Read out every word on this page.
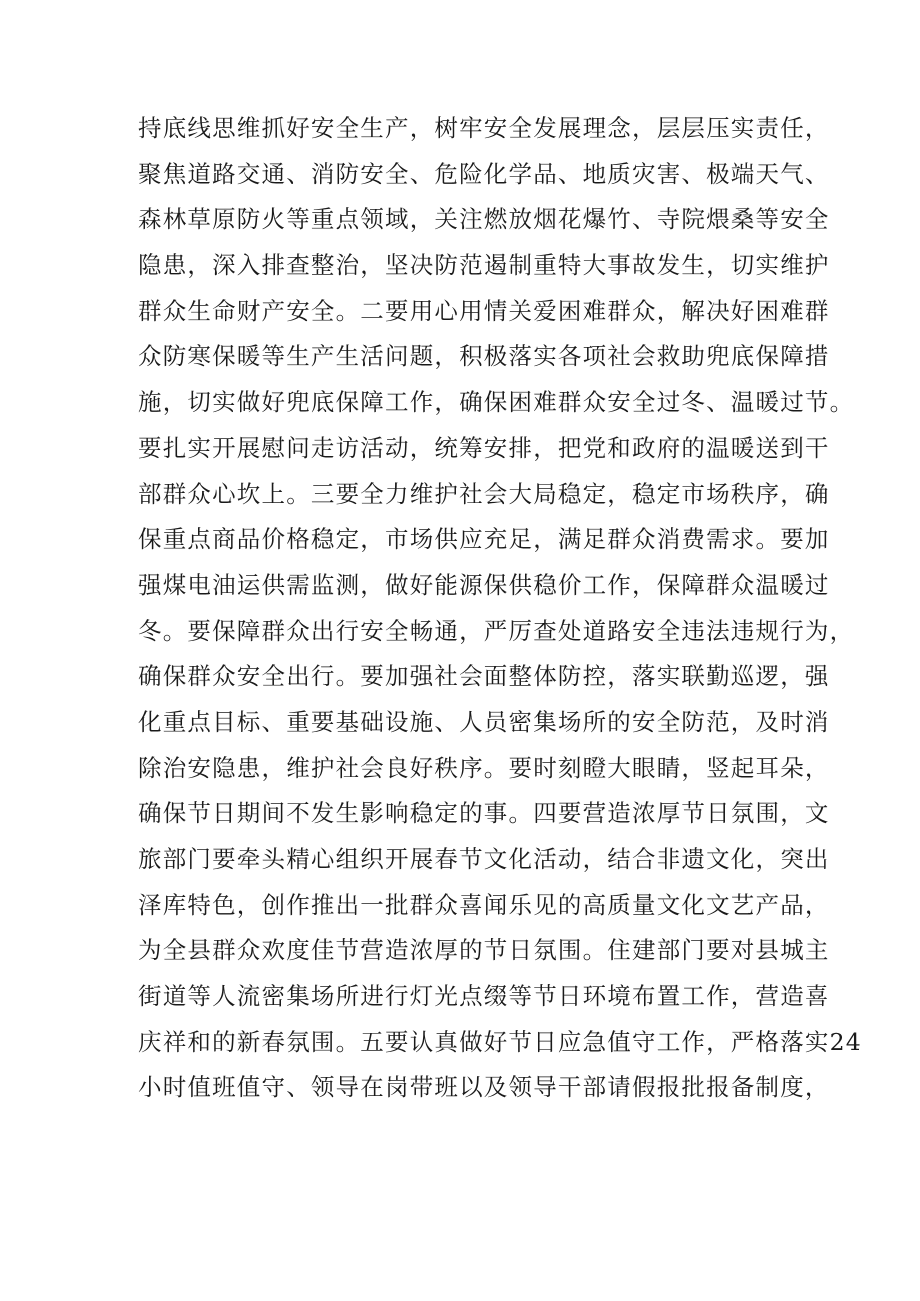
持底线思维抓好安全生产，树牢安全发展理念，层层压实责任，
聚焦道路交通、消防安全、危险化学品、地质灾害、极端天气、
森林草原防火等重点领域，关注燃放烟花爆竹、寺院煨桑等安全
隐患，深入排查整治，坚决防范遏制重特大事故发生，切实维护
群众生命财产安全。二要用心用情关爱困难群众，解决好困难群
众防寒保暖等生产生活问题，积极落实各项社会救助兜底保障措
施，切实做好兜底保障工作，确保困难群众安全过冬、温暖过节。
要扎实开展慰问走访活动，统筹安排，把党和政府的温暖送到干
部群众心坎上。三要全力维护社会大局稳定，稳定市场秩序，确
保重点商品价格稳定，市场供应充足，满足群众消费需求。要加
强煤电油运供需监测，做好能源保供稳价工作，保障群众温暖过
冬。要保障群众出行安全畅通，严厉查处道路安全违法违规行为，
确保群众安全出行。要加强社会面整体防控，落实联勤巡逻，强
化重点目标、重要基础设施、人员密集场所的安全防范，及时消
除治安隐患，维护社会良好秩序。要时刻瞪大眼睛，竖起耳朵，
确保节日期间不发生影响稳定的事。四要营造浓厚节日氛围，文
旅部门要牵头精心组织开展春节文化活动，结合非遗文化，突出
泽库特色，创作推出一批群众喜闻乐见的高质量文化文艺产品，
为全县群众欢度佳节营造浓厚的节日氛围。住建部门要对县城主
街道等人流密集场所进行灯光点缀等节日环境布置工作，营造喜
庆祥和的新春氛围。五要认真做好节日应急值守工作，严格落实24
小时值班值守、领导在岗带班以及领导干部请假报批报备制度，
